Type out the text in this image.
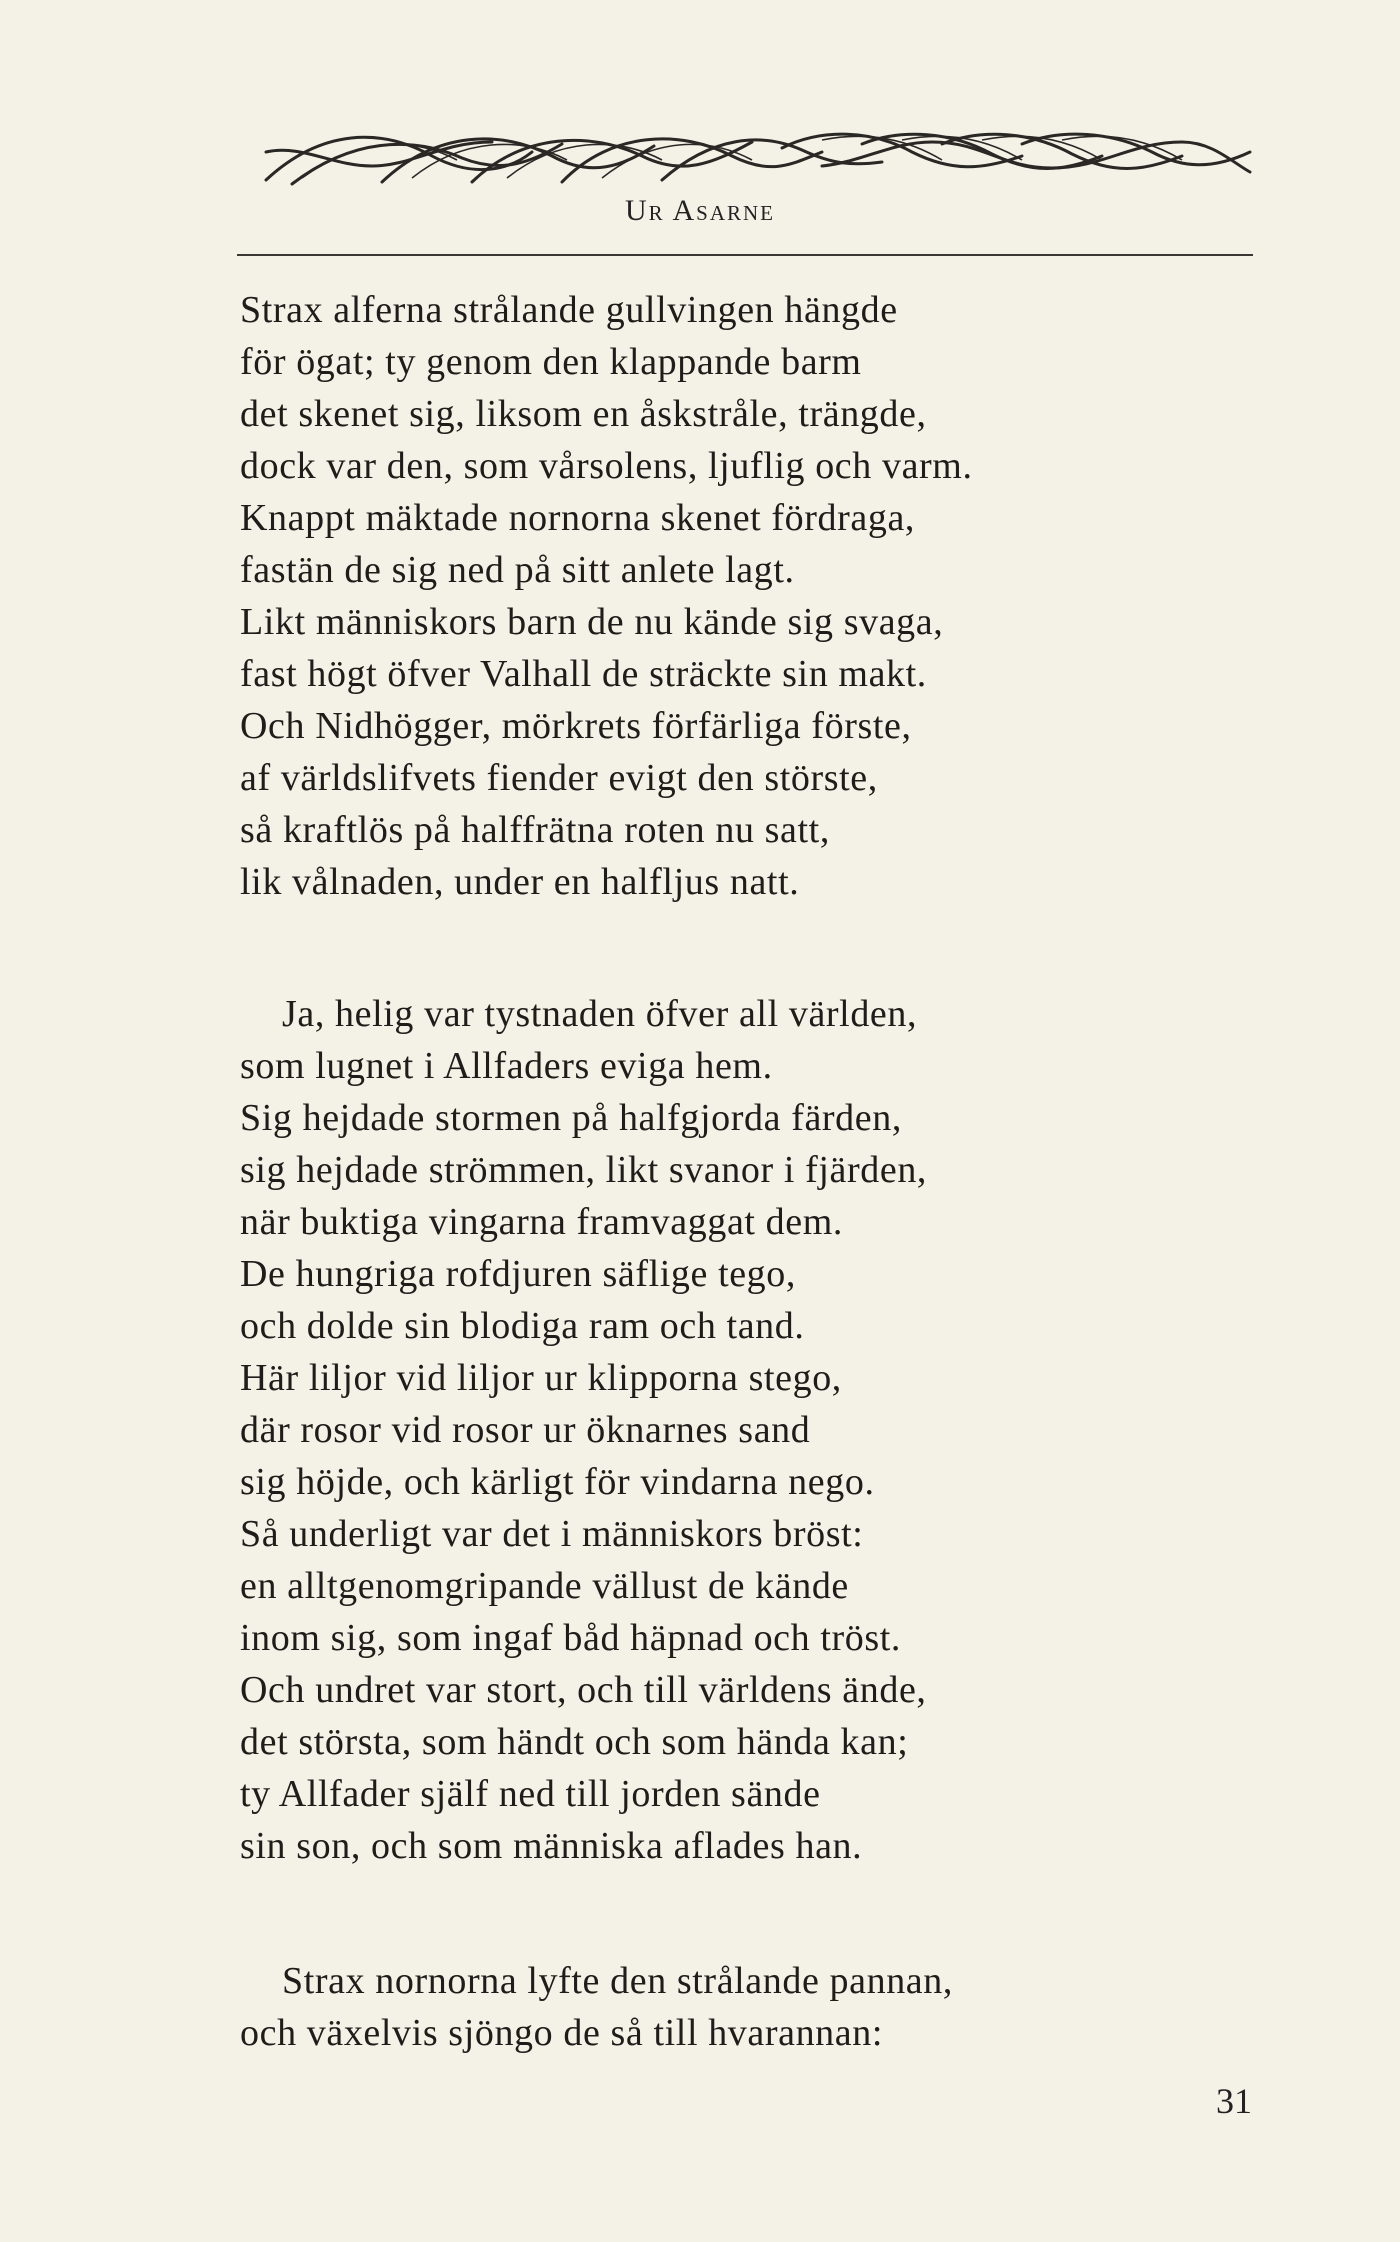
Ur Asarne
Strax alferna strålande gullvingen hängde
för ögat; ty genom den klappande barm
det skenet sig, liksom en åskstråle, trängde,
dock var den, som vårsolens, ljuflig och varm.
Knappt mäktade nornorna skenet fördraga,
fastän de sig ned på sitt anlete lagt.
Likt människors barn de nu kände sig svaga,
fast högt öfver Valhall de sträckte sin makt.
Och Nidhögger, mörkrets förfärliga förste,
af världslifvets fiender evigt den störste,
så kraftlös på halffrätna roten nu satt,
lik vålnaden, under en halfljus natt.
Ja, helig var tystnaden öfver all världen,
som lugnet i Allfaders eviga hem.
Sig hejdade stormen på halfgjorda färden,
sig hejdade strömmen, likt svanor i fjärden,
när buktiga vingarna framvaggat dem.
De hungriga rofdjuren säflige tego,
och dolde sin blodiga ram och tand.
Här liljor vid liljor ur klipporna stego,
där rosor vid rosor ur öknarnes sand
sig höjde, och kärligt för vindarna nego.
Så underligt var det i människors bröst:
en alltgenomgripande vällust de kände
inom sig, som ingaf båd häpnad och tröst.
Och undret var stort, och till världens ände,
det största, som händt och som hända kan;
ty Allfader själf ned till jorden sände
sin son, och som människa aflades han.
Strax nornorna lyfte den strålande pannan,
och växelvis sjöngo de så till hvarannan:
31
